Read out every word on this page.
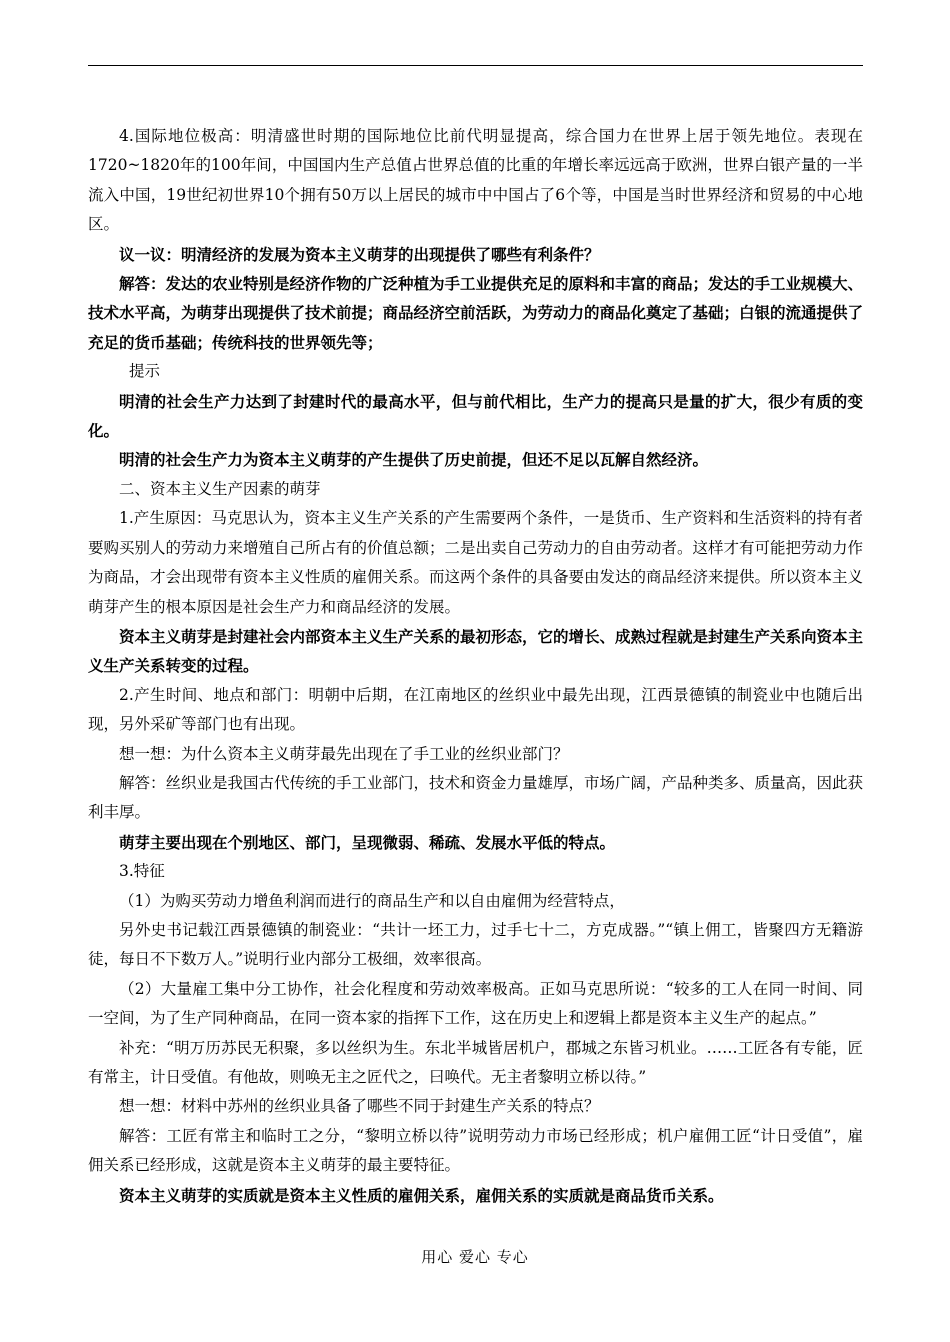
4.国际地位极高：明清盛世时期的国际地位比前代明显提高，综合国力在世界上居于领先地位。表现在1720~1820年的100年间，中国国内生产总值占世界总值的比重的年增长率远远高于欧洲，世界白银产量的一半流入中国，19世纪初世界10个拥有50万以上居民的城市中中国占了6个等，中国是当时世界经济和贸易的中心地区。

议一议：明清经济的发展为资本主义萌芽的出现提供了哪些有利条件？

解答：发达的农业特别是经济作物的广泛种植为手工业提供充足的原料和丰富的商品；发达的手工业规模大、技术水平高，为萌芽出现提供了技术前提；商品经济空前活跃，为劳动力的商品化奠定了基础；白银的流通提供了充足的货币基础；传统科技的世界领先等；

提示

明清的社会生产力达到了封建时代的最高水平，但与前代相比，生产力的提高只是量的扩大，很少有质的变化。

明清的社会生产力为资本主义萌芽的产生提供了历史前提，但还不足以瓦解自然经济。

二、资本主义生产因素的萌芽

1.产生原因：马克思认为，资本主义生产关系的产生需要两个条件，一是货币、生产资料和生活资料的持有者要购买别人的劳动力来增殖自己所占有的价值总额；二是出卖自己劳动力的自由劳动者。这样才有可能把劳动力作为商品，才会出现带有资本主义性质的雇佣关系。而这两个条件的具备要由发达的商品经济来提供。所以资本主义萌芽产生的根本原因是社会生产力和商品经济的发展。

资本主义萌芽是封建社会内部资本主义生产关系的最初形态，它的增长、成熟过程就是封建生产关系向资本主义生产关系转变的过程。

2.产生时间、地点和部门：明朝中后期，在江南地区的丝织业中最先出现，江西景德镇的制瓷业中也随后出现，另外采矿等部门也有出现。

想一想：为什么资本主义萌芽最先出现在了手工业的丝织业部门？

解答：丝织业是我国古代传统的手工业部门，技术和资金力量雄厚，市场广阔，产品种类多、质量高，因此获利丰厚。

萌芽主要出现在个别地区、部门，呈现微弱、稀疏、发展水平低的特点。

3.特征

（1）为购买劳动力增鱼利润而进行的商品生产和以自由雇佣为经营特点，

另外史书记载江西景德镇的制瓷业：“共计一坯工力，过手七十二，方克成器。”“镇上佣工，皆聚四方无籍游徒，每日不下数万人。”说明行业内部分工极细，效率很高。

（2）大量雇工集中分工协作，社会化程度和劳动效率极高。正如马克思所说：“较多的工人在同一时间、同一空间，为了生产同种商品，在同一资本家的指挥下工作，这在历史上和逻辑上都是资本主义生产的起点。”

补充：“明万历苏民无积聚，多以丝织为生。东北半城皆居机户，郡城之东皆习机业。……工匠各有专能，匠有常主，计日受值。有他故，则唤无主之匠代之，曰唤代。无主者黎明立桥以待。”

想一想：材料中苏州的丝织业具备了哪些不同于封建生产关系的特点？

解答：工匠有常主和临时工之分，“黎明立桥以待”说明劳动力市场已经形成；机户雇佣工匠“计日受值”，雇佣关系已经形成，这就是资本主义萌芽的最主要特征。

资本主义萌芽的实质就是资本主义性质的雇佣关系，雇佣关系的实质就是商品货币关系。

用心 爱心 专心
